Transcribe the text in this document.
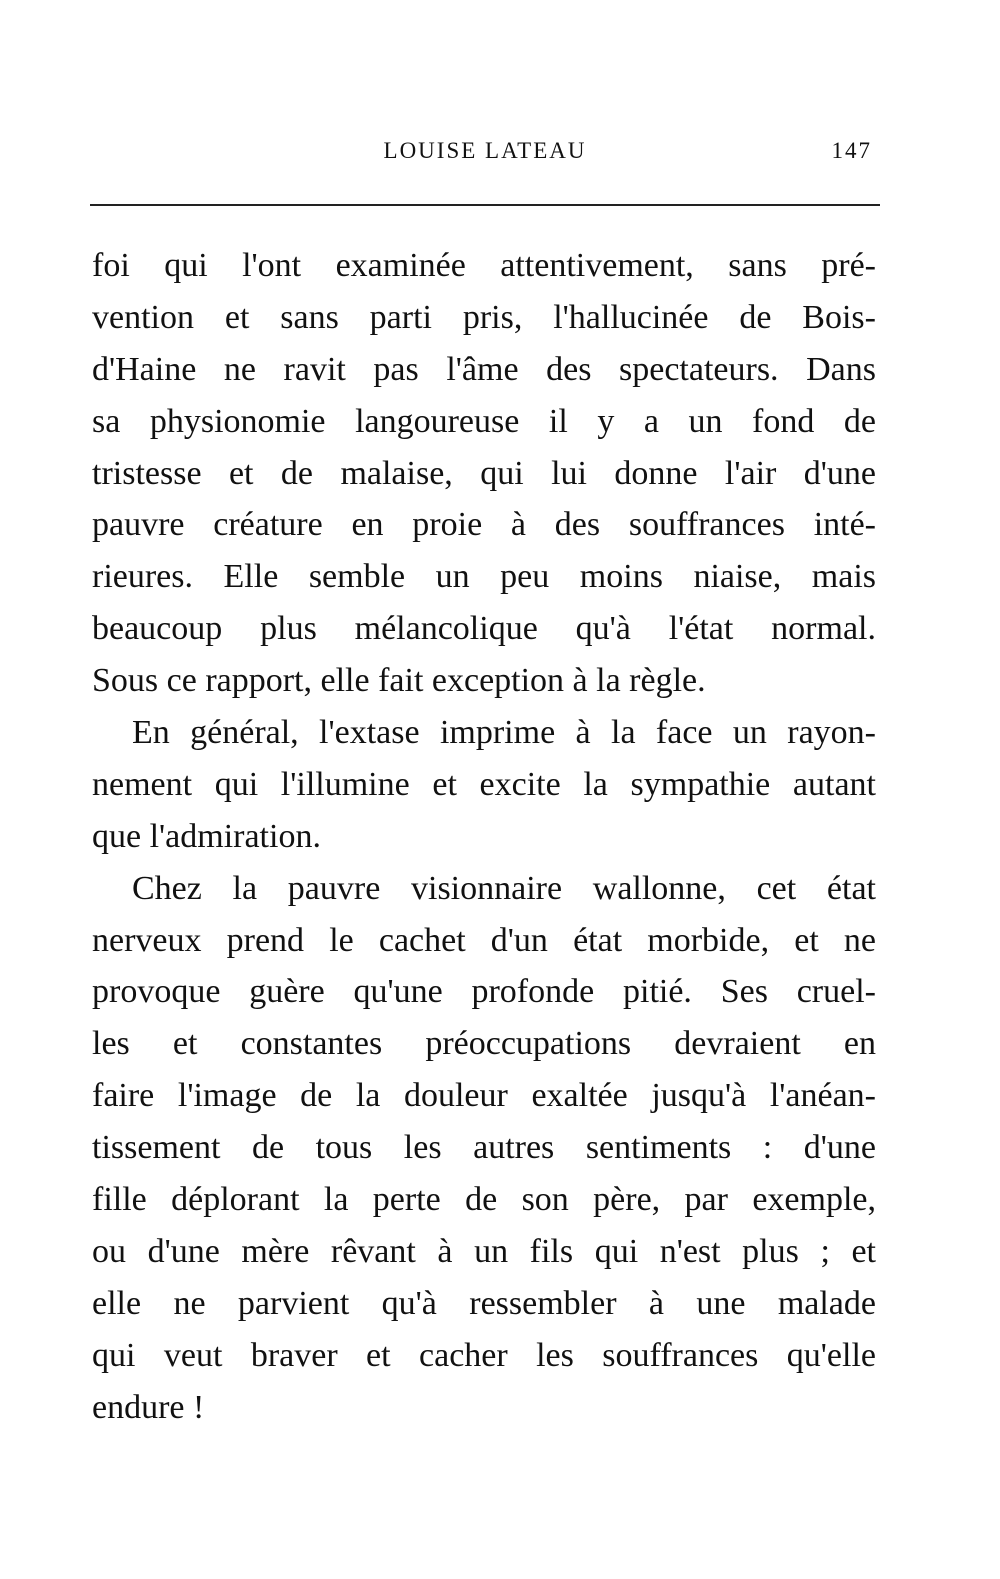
LOUISE LATEAU	147
foi qui l'ont examinée attentivement, sans pré-
vention et sans parti pris, l'hallucinée de Bois-
d'Haine ne ravit pas l'âme des spectateurs. Dans
sa physionomie langoureuse il y a un fond de
tristesse et de malaise, qui lui donne l'air d'une
pauvre créature en proie à des souffrances inté-
rieures. Elle semble un peu moins niaise, mais
beaucoup plus mélancolique qu'à l'état normal.
Sous ce rapport, elle fait exception à la règle.
En général, l'extase imprime à la face un rayon-
nement qui l'illumine et excite la sympathie autant
que l'admiration.
Chez la pauvre visionnaire wallonne, cet état
nerveux prend le cachet d'un état morbide, et ne
provoque guère qu'une profonde pitié. Ses cruel-
les et constantes préoccupations devraient en
faire l'image de la douleur exaltée jusqu'à l'anéan-
tissement de tous les autres sentiments : d'une
fille déplorant la perte de son père, par exemple,
ou d'une mère rêvant à un fils qui n'est plus ; et
elle ne parvient qu'à ressembler à une malade
qui veut braver et cacher les souffrances qu'elle
endure !
